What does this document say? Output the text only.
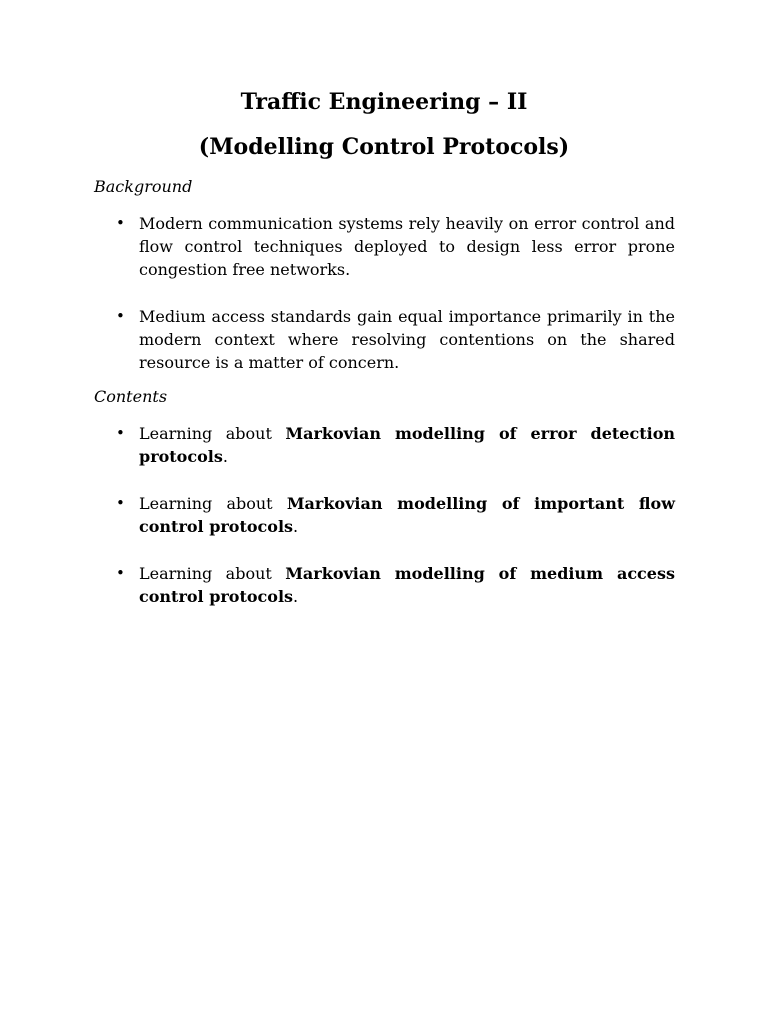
Traffic Engineering – II
(Modelling Control Protocols)

Background

• Modern communication systems rely heavily on error control and flow control techniques deployed to design less error prone congestion free networks.
• Medium access standards gain equal importance primarily in the modern context where resolving contentions on the shared resource is a matter of concern.

Contents

• Learning about Markovian modelling of error detection protocols.
• Learning about Markovian modelling of important flow control protocols.
• Learning about Markovian modelling of medium access control protocols.
